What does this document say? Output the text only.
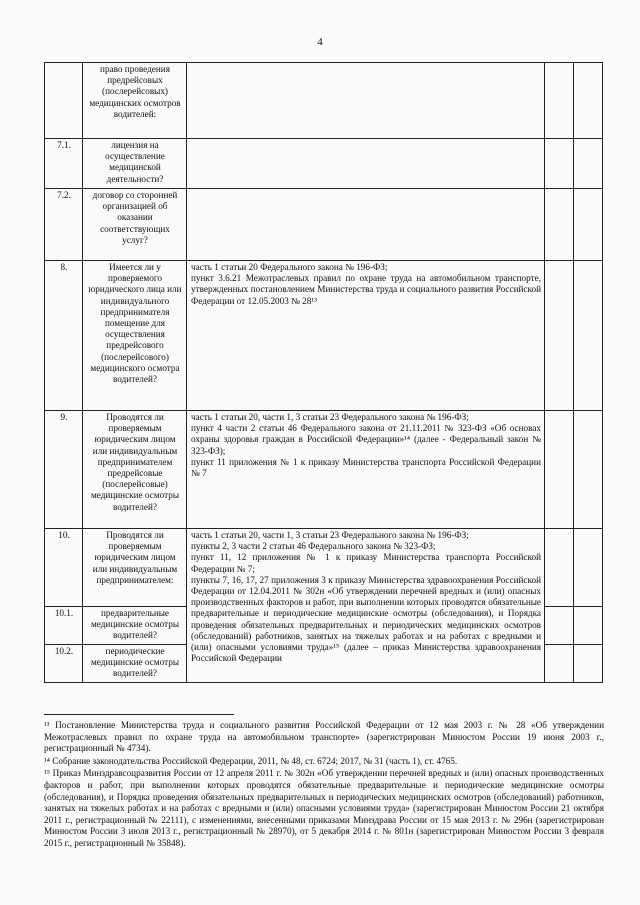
4
	право проведения предрейсовых (послерейсовых) медицинских осмотров водителей:			
7.1.	лицензия на осуществление медицинской деятельности?			
7.2.	договор со сторонней организацией об оказании соответствующих услуг?			
8.	Имеется ли у проверяемого юридического лица или индивидуального предпринимателя помещение для осуществления предрейсового (послерейсового) медицинского осмотра водителей?	часть 1 статьи 20 Федерального закона № 196-ФЗ;

пункт 3.6.21 Межотраслевых правил по охране труда на автомобильном транспорте, утвержденных постановлением Министерства труда и социального развития Российской Федерации от 12.05.2003 № 28¹³		

9.	Проводятся ли проверяемым юридическим лицом или индивидуальным предпринимателем предрейсовые (послерейсовые) медицинские осмотры водителей?	часть 1 статьи 20, части 1, 3 статьи 23 Федерального закона № 196-ФЗ;

пункт 4 части 2 статьи 46 Федерального закона от 21.11.2011 № 323-ФЗ «Об основах охраны здоровья граждан в Российской Федерации»¹⁴ (далее - Федеральный закон № 323-ФЗ);

пункт 11 приложения № 1 к приказу Министерства транспорта Российской Федерации № 7		

10.	Проводятся ли проверяемым юридическим лицом или индивидуальным предпринимателем:	часть 1 статьи 20, части 1, 3 статьи 23 Федерального закона № 196-ФЗ;

пункты 2, 3 части 2 статьи 46 Федерального закона № 323-ФЗ;

пункт 11, 12 приложения № 1 к приказу Министерства транспорта Российской Федерации № 7;

пункты 7, 16, 17, 27 приложения 3 к приказу Министерства здравоохранения Российской Федерации от 12.04.2011 № 302н «Об утверждении перечней вредных и (или) опасных производственных факторов и работ, при выполнении которых проводятся обязательные предварительные и периодические медицинские осмотры (обследования), и Порядка проведения обязательных предварительных и периодических медицинских осмотров (обследований) работников, занятых на тяжелых работах и на работах с вредными и (или) опасными условиями труда»¹⁵ (далее – приказ Министерства здравоохранения Российской Федерации		

10.1.	предварительные медицинские осмотры водителей?			
10.2.	периодические медицинские осмотры водителей?			

¹³ Постановление Министерства труда и социального развития Российской Федерации от 12 мая 2003 г. № 28 «Об утверждении Межотраслевых правил по охране труда на автомобильном транспорте» (зарегистрирован Минюстом России 19 июня 2003 г., регистрационный № 4734).

¹⁴ Собрание законодательства Российской Федерации, 2011, № 48, ст. 6724; 2017, № 31 (часть 1), ст. 4765.

¹⁵ Приказ Минздравсоцразвития России от 12 апреля 2011 г. № 302н «Об утверждении перечней вредных и (или) опасных производственных факторов и работ, при выполнении которых проводятся обязательные предварительные и периодические медицинские осмотры (обследования), и Порядка проведения обязательных предварительных и периодических медицинских осмотров (обследований) работников, занятых на тяжелых работах и на работах с вредными и (или) опасными условиями труда» (зарегистрирован Минюстом России 21 октября 2011 г., регистрационный № 22111), с изменениями, внесенными приказами Минздрава России от 15 мая 2013 г. № 296н (зарегистрирован Минюстом России 3 июля 2013 г., регистрационный № 28970), от 5 декабря 2014 г. № 801н (зарегистрирован Минюстом России 3 февраля 2015 г., регистрационный № 35848).
